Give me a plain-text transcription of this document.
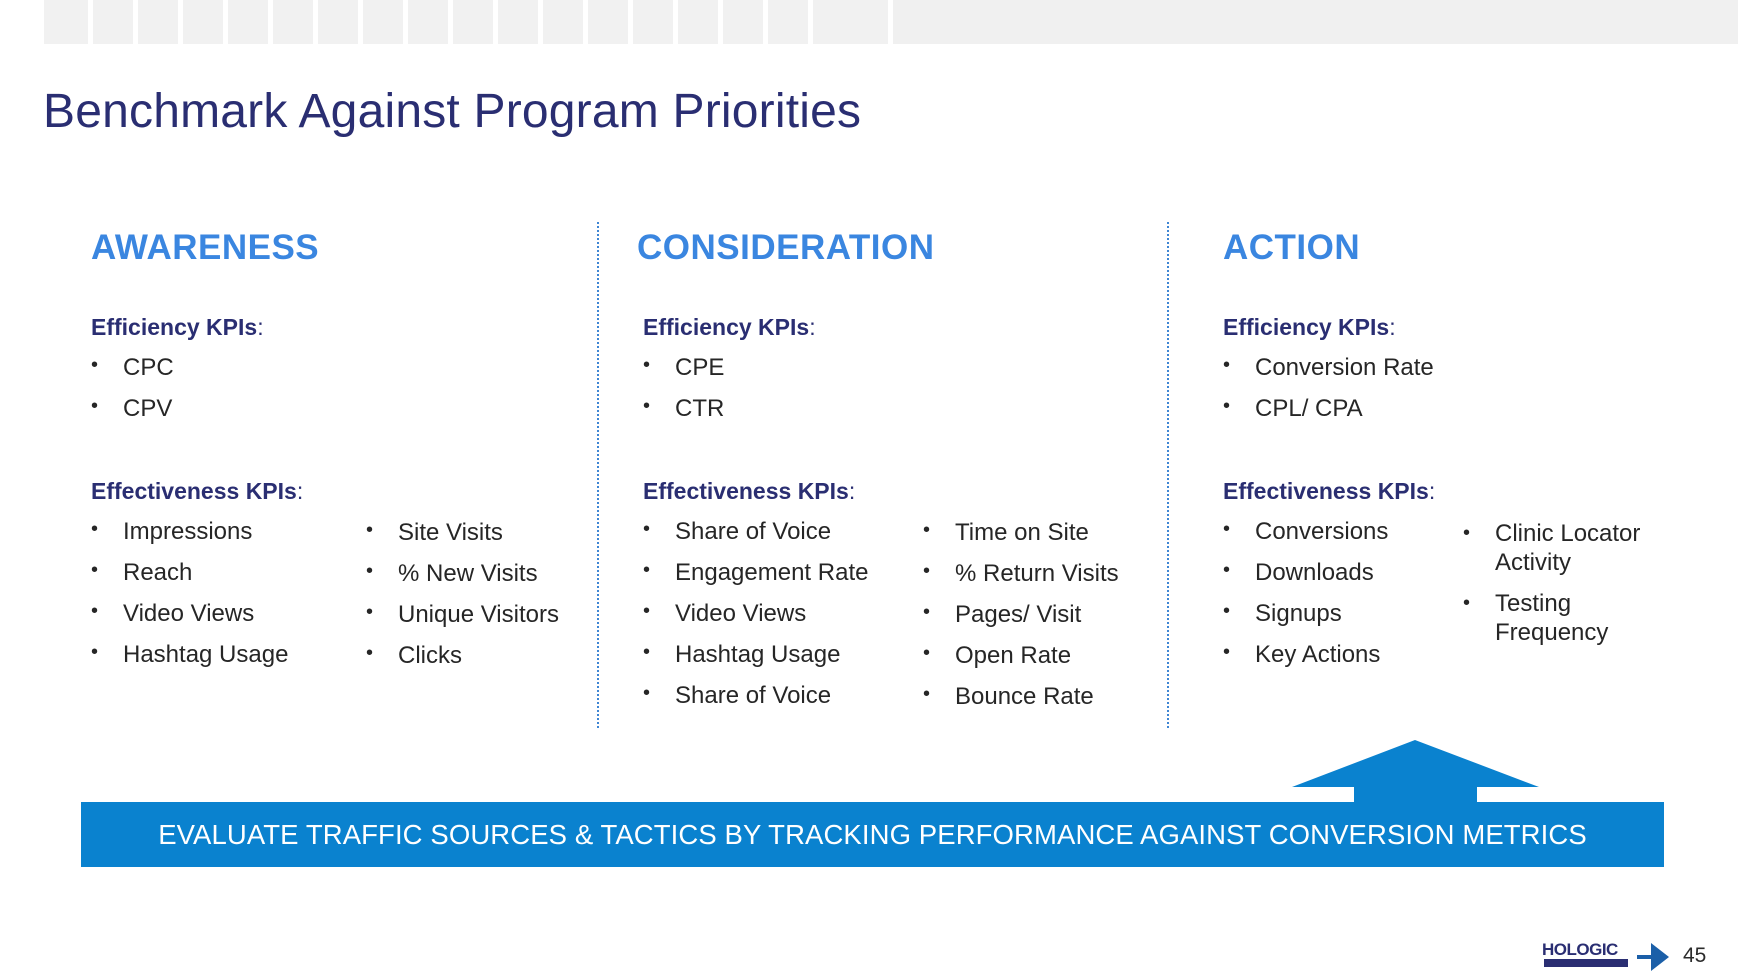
Benchmark Against Program Priorities
AWARENESS
Efficiency KPIs:
• CPC
• CPV
Effectiveness KPIs:
• Impressions
• Reach
• Video Views
• Hashtag Usage
• Site Visits
• % New Visits
• Unique Visitors
• Clicks
CONSIDERATION
Efficiency KPIs:
• CPE
• CTR
Effectiveness KPIs:
• Share of Voice
• Engagement Rate
• Video Views
• Hashtag Usage
• Share of Voice
• Time on Site
• % Return Visits
• Pages/ Visit
• Open Rate
• Bounce Rate
ACTION
Efficiency KPIs:
• Conversion Rate
• CPL/ CPA
Effectiveness KPIs:
• Conversions
• Downloads
• Signups
• Key Actions
• Clinic Locator Activity
• Testing Frequency
EVALUATE TRAFFIC SOURCES & TACTICS BY TRACKING PERFORMANCE AGAINST CONVERSION METRICS
HOLOGIC	45
